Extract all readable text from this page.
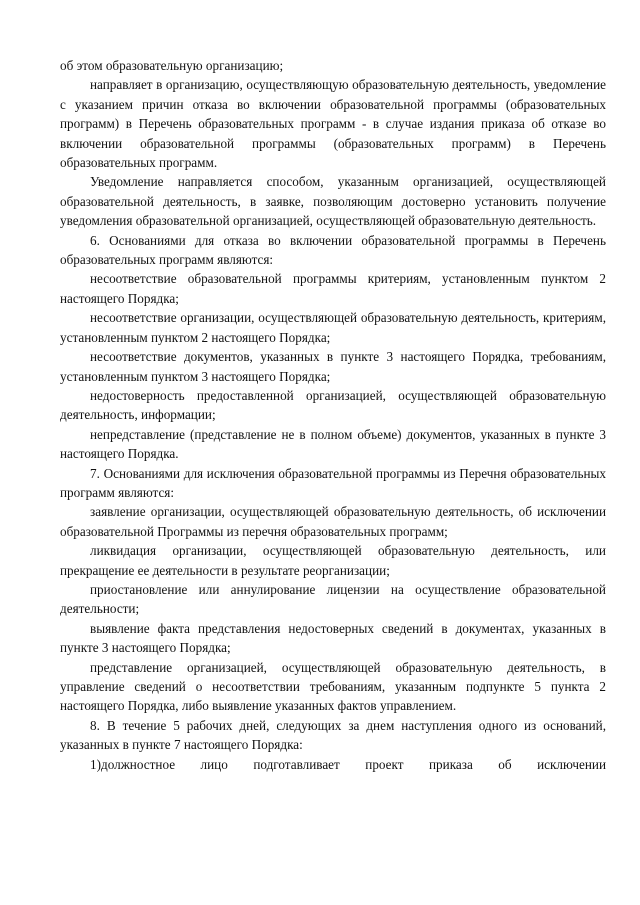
об этом образовательную организацию;

направляет в организацию, осуществляющую образовательную деятельность, уведомление с указанием причин отказа во включении образовательной программы (образовательных программ) в Перечень образовательных программ - в случае издания приказа об отказе во включении образовательной программы (образовательных программ) в Перечень образовательных программ.

Уведомление направляется способом, указанным организацией, осуществляющей образовательной деятельность, в заявке, позволяющим достоверно установить получение уведомления образовательной организацией, осуществляющей образовательную деятельность.

6. Основаниями для отказа во включении образовательной программы в Перечень образовательных программ являются:

несоответствие образовательной программы критериям, установленным пунктом 2 настоящего Порядка;

несоответствие организации, осуществляющей образовательную деятельность, критериям, установленным пунктом 2 настоящего Порядка;

несоответствие документов, указанных в пункте 3 настоящего Порядка, требованиям, установленным пунктом 3 настоящего Порядка;

недостоверность предоставленной организацией, осуществляющей образовательную деятельность, информации;

непредставление (представление не в полном объеме) документов, указанных в пункте 3 настоящего Порядка.

7. Основаниями для исключения образовательной программы из Перечня образовательных программ являются:

заявление организации, осуществляющей образовательную деятельность, об исключении образовательной Программы из перечня образовательных программ;

ликвидация организации, осуществляющей образовательную деятельность, или прекращение ее деятельности в результате реорганизации;

приостановление или аннулирование лицензии на осуществление образовательной деятельности;

выявление факта представления недостоверных сведений в документах, указанных в пункте 3 настоящего Порядка;

представление организацией, осуществляющей образовательную деятельность, в управление сведений о несоответствии требованиям, указанным подпункте 5 пункта 2 настоящего Порядка, либо выявление указанных фактов управлением.

8. В течение 5 рабочих дней, следующих за днем наступления одного из оснований, указанных в пункте 7 настоящего Порядка:

1)должностное лицо подготавливает проект приказа об исключении
